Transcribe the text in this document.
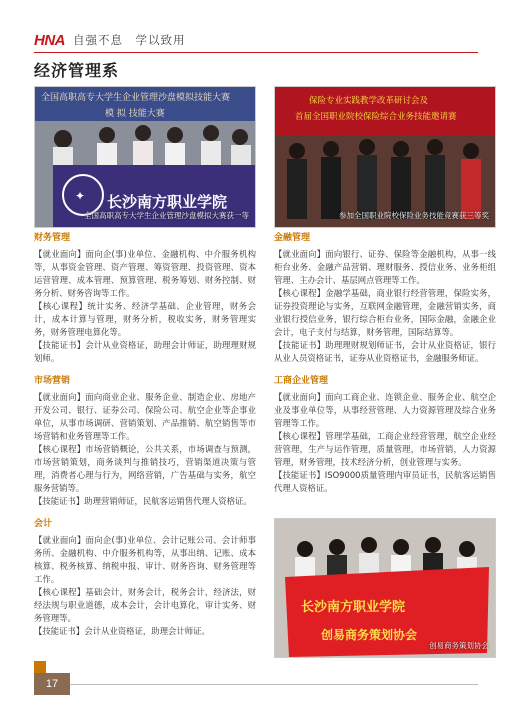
HNA 自强不息　学以致用
经济管理系
全国高职高专大学生企业管理沙盘模拟技能大赛
模 拟 技能大赛
✦ 长沙南方职业学院
全国高职高专大学生企业管理沙盘模拟大赛获一等
保险专业实践教学改革研讨会及
首届全国职业院校保险综合业务技能邀请赛
参加全国职业院校保险业务技能竞赛获三等奖
财务管理

【就业面向】面向企(事)业单位、金融机构、中介服务机构等，从事资金管理、资产管理、筹资管理、投资管理、资本运营管理、成本管理、预算管理、税务筹划、财务控制、财务分析、财务咨询等工作。

【核心课程】统计实务、经济学基础、企业管理，财务会计，成本计算与管理，财务分析，税收实务，财务管理实务，财务管理电算化等。

【技能证书】会计从业资格证，助理会计师证，助理理财规划师。

市场营销

【就业面向】面向商业企业、服务企业、制造企业、房地产开发公司、银行、证券公司、保险公司、航空企业等企事业单位，从事市场调研、营销策划、产品推销、航空销售等市场营销和业务管理等工作。

【核心课程】市场营销概论，公共关系，市场调查与预测，市场营销策划，商务谈判与推销技巧，营销渠道决策与管理，消费者心理与行为，网络营销，广告基础与实务，航空服务营销等。

【技能证书】助理营销师证，民航客运销售代理人资格证。

会计

【就业面向】面向企(事)业单位、会计记账公司、会计师事务所、金融机构、中介服务机构等，从事出纳、记账、成本核算、税务核算、纳税申报、审计、财务咨询、财务管理等工作。

【核心课程】基础会计，财务会计，税务会计，经济法，财经法规与职业道德，成本会计，会计电算化，审计实务、财务管理等。

【技能证书】会计从业资格证，助理会计师证。

金融管理

【就业面向】面向银行、证券、保险等金融机构，从事一线柜台业务、金融产品营销、理财服务、授信业务、业务柜组管理、主办会计、基层网点管理等工作。

【核心课程】金融学基础，商业银行经营管理，保险实务，证券投资理论与实务，互联网金融管理，金融营销实务，商业银行授信业务，银行综合柜台业务，国际金融，金融企业会计，电子支付与结算，财务管理，国际结算等。

【技能证书】助理理财规划师证书，会计从业资格证，银行从业人员资格证书，证券从业资格证书，金融服务师证。

工商企业管理

【就业面向】面向工商企业、连锁企业、服务企业、航空企业及事业单位等，从事经营管理、人力资源管理及综合业务管理等工作。

【核心课程】管理学基础，工商企业经营管理，航空企业经营管理，生产与运作管理，质量管理，市场营销，人力资源管理，财务管理，技术经济分析，创业管理与实务。

【技能证书】ISO9000质量管理内审员证书，民航客运销售代理人资格证。

长沙南方职业学院
创易商务策划协会
创易商务策划协会
17
